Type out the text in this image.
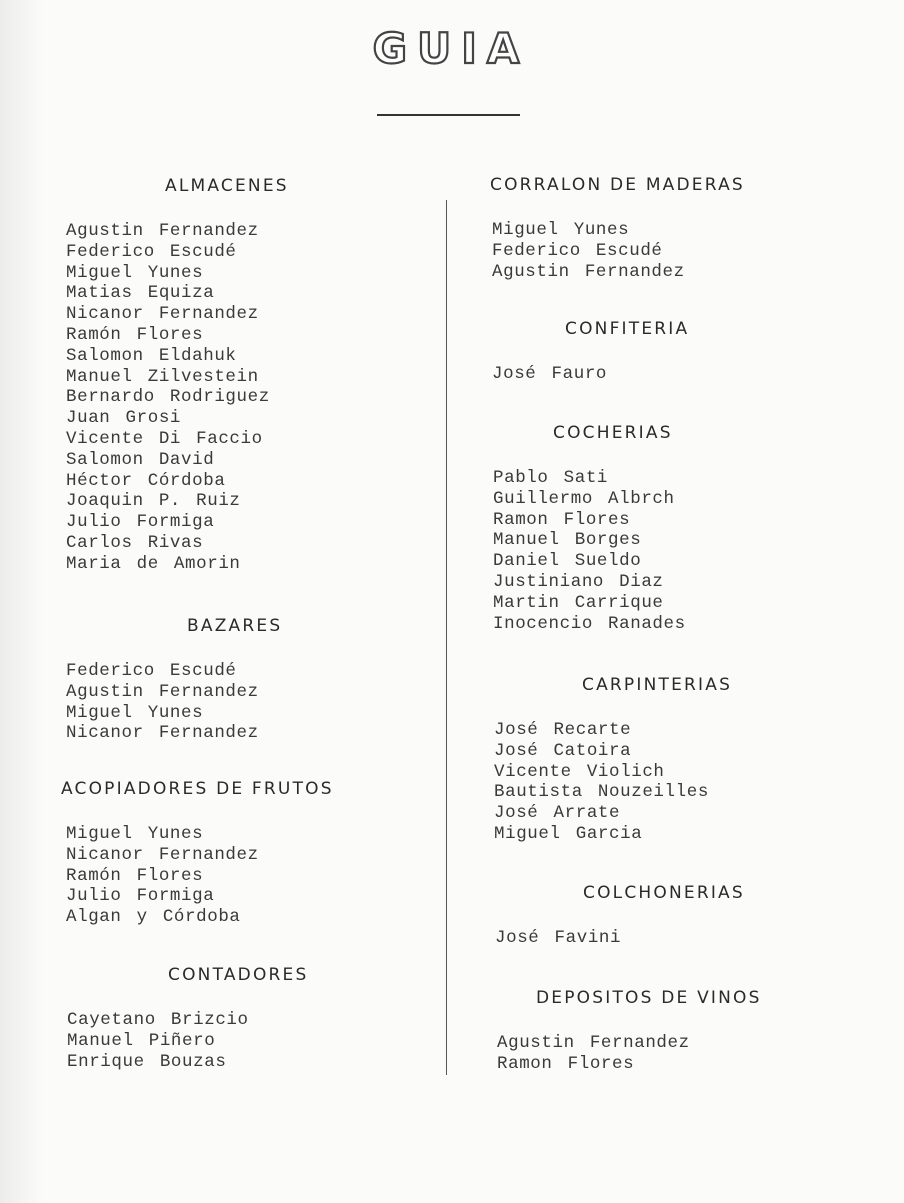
GUIA
ALMACENES
Agustin Fernandez
Federico Escudé
Miguel Yunes
Matias Equiza
Nicanor Fernandez
Ramón Flores
Salomon Eldahuk
Manuel Zilvestein
Bernardo Rodriguez
Juan Grosi
Vicente Di Faccio
Salomon David
Héctor Córdoba
Joaquin P. Ruiz
Julio Formiga
Carlos Rivas
Maria de Amorin
BAZARES
Federico Escudé
Agustin Fernandez
Miguel Yunes
Nicanor Fernandez
ACOPIADORES DE FRUTOS
Miguel Yunes
Nicanor Fernandez
Ramón Flores
Julio Formiga
Algan y Córdoba
CONTADORES
Cayetano Brizcio
Manuel Piñero
Enrique Bouzas
CORRALON DE MADERAS
Miguel Yunes
Federico Escudé
Agustin Fernandez
CONFITERIA
José Fauro
COCHERIAS
Pablo Sati
Guillermo Albrch
Ramon Flores
Manuel Borges
Daniel Sueldo
Justiniano Diaz
Martin Carrique
Inocencio Ranades
CARPINTERIAS
José Recarte
José Catoira
Vicente Violich
Bautista Nouzeilles
José Arrate
Miguel Garcia
COLCHONERIAS
José Favini
DEPOSITOS DE VINOS
Agustin Fernandez
Ramon Flores
